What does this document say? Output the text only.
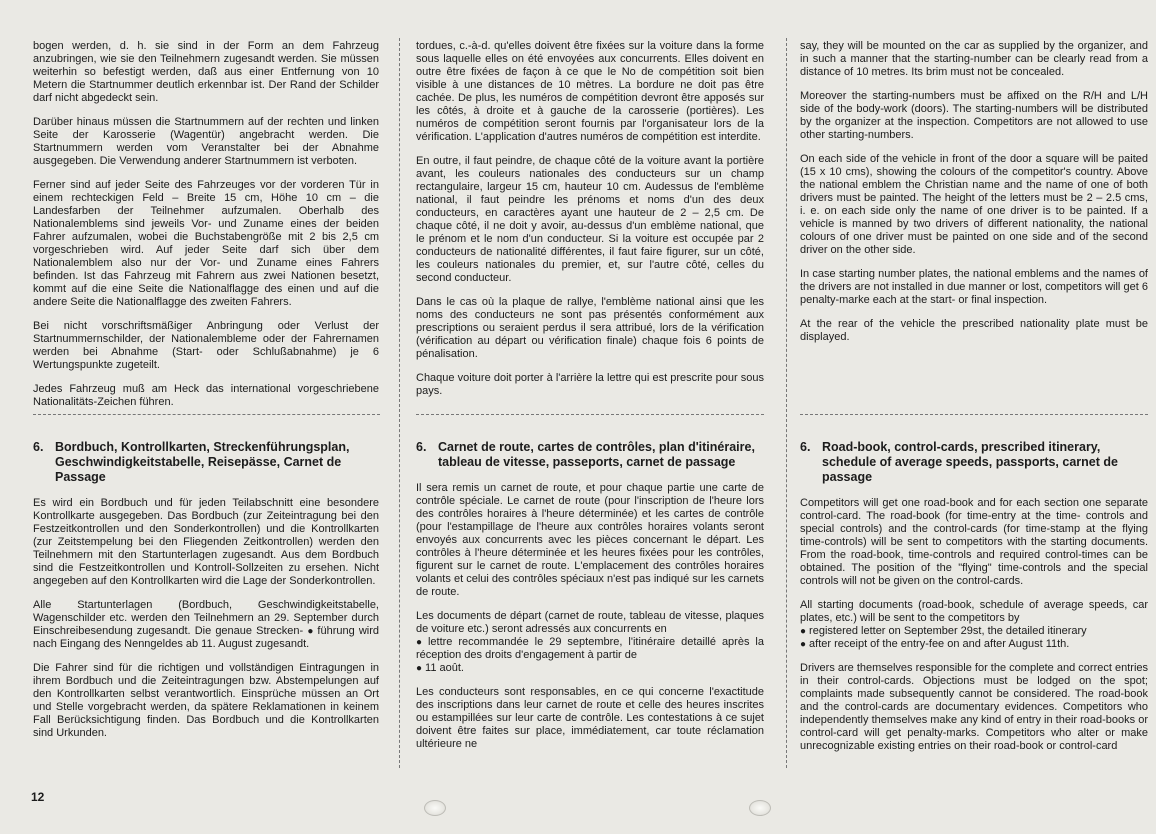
bogen werden, d. h. sie sind in der Form an dem Fahrzeug anzubringen, wie sie den Teilnehmern zugesandt werden. Sie müssen weiterhin so befestigt werden, daß aus einer Entfernung von 10 Metern die Startnummer deutlich erkennbar ist. Der Rand der Schilder darf nicht abgedeckt sein.

Darüber hinaus müssen die Startnummern auf der rechten und linken Seite der Karosserie (Wagentür) angebracht werden. Die Startnummern werden vom Veranstalter bei der Abnahme ausgegeben. Die Verwendung anderer Startnummern ist verboten.

Ferner sind auf jeder Seite des Fahrzeuges vor der vorderen Tür in einem rechteckigen Feld – Breite 15 cm, Höhe 10 cm – die Landesfarben der Teilnehmer aufzumalen. Oberhalb des Nationalemblems sind jeweils Vor- und Zuname eines der beiden Fahrer aufzumalen, wobei die Buchstabengröße mit 2 bis 2,5 cm vorgeschrieben wird. Auf jeder Seite darf sich über dem Nationalemblem also nur der Vor- und Zuname eines Fahrers befinden. Ist das Fahrzeug mit Fahrern aus zwei Nationen besetzt, kommt auf die eine Seite die Nationalflagge des einen und auf die andere Seite die Nationalflagge des zweiten Fahrers.

Bei nicht vorschriftsmäßiger Anbringung oder Verlust der Startnummernschilder, der Nationalembleme oder der Fahrernamen werden bei Abnahme (Start- oder Schlußabnahme) je 6 Wertungspunkte zugeteilt.

Jedes Fahrzeug muß am Heck das international vorgeschriebene Nationalitäts-Zeichen führen.

6. Bordbuch, Kontrollkarten, Streckenführungsplan, Geschwindigkeitstabelle, Reisepässe, Carnet de Passage

Es wird ein Bordbuch und für jeden Teilabschnitt eine besondere Kontrollkarte ausgegeben. Das Bordbuch (zur Zeiteintragung bei den Festzeitkontrollen und den Sonderkontrollen) und die Kontrollkarten (zur Zeitstempelung bei den Fliegenden Zeitkontrollen) werden den Teilnehmern mit den Startunterlagen zugesandt. Aus dem Bordbuch sind die Festzeitkontrollen und Kontroll-Sollzeiten zu ersehen. Nicht angegeben auf den Kontrollkarten wird die Lage der Sonderkontrollen.

Alle Startunterlagen (Bordbuch, Geschwindigkeitstabelle, Wagenschilder etc. werden den Teilnehmern an 29. September durch Einschreibesendung zugesandt. Die genaue Strecken- ● führung wird nach Eingang des Nenngeldes ab 11. August zugesandt.

Die Fahrer sind für die richtigen und vollständigen Eintragungen in ihrem Bordbuch und die Zeiteintragungen bzw. Abstempelungen auf den Kontrollkarten selbst verantwortlich. Einsprüche müssen an Ort und Stelle vorgebracht werden, da spätere Reklamationen in keinem Fall Berücksichtigung finden. Das Bordbuch und die Kontrollkarten sind Urkunden.

tordues, c.-à-d. qu'elles doivent être fixées sur la voiture dans la forme sous laquelle elles on été envoyées aux concurrents. Elles doivent en outre être fixées de façon à ce que le No de compétition soit bien visible à une distances de 10 mètres. La bordure ne doit pas être cachée. De plus, les numéros de compétition devront être apposés sur les côtés, à droite et à gauche de la carosserie (portières). Les numéros de compétition seront fournis par l'organisateur lors de la vérification. L'application d'autres numéros de compétition est interdite.

En outre, il faut peindre, de chaque côté de la voiture avant la portière avant, les couleurs nationales des conducteurs sur un champ rectangulaire, largeur 15 cm, hauteur 10 cm. Audessus de l'emblème national, il faut peindre les prénoms et noms d'un des deux conducteurs, en caractères ayant une hauteur de 2 – 2,5 cm. De chaque côté, il ne doit y avoir, au-dessus d'un emblème national, que le prénom et le nom d'un conducteur. Si la voiture est occupée par 2 conducteurs de nationalité différentes, il faut faire figurer, sur un côté, les couleurs nationales du premier, et, sur l'autre côté, celles du second conducteur.

Dans le cas où la plaque de rallye, l'emblème national ainsi que les noms des conducteurs ne sont pas présentés conformément aux prescriptions ou seraient perdus il sera attribué, lors de la vérification (vérification au départ ou vérification finale) chaque fois 6 points de pénalisation.

Chaque voiture doit porter à l'arrière la lettre qui est prescrite pour sous pays.

6. Carnet de route, cartes de contrôles, plan d'itinéraire, tableau de vitesse, passeports, carnet de passage

Il sera remis un carnet de route, et pour chaque partie une carte de contrôle spéciale. Le carnet de route (pour l'inscription de l'heure lors des contrôles horaires à l'heure déterminée) et les cartes de contrôle (pour l'estampillage de l'heure aux contrôles horaires volants seront envoyés aux concurrents avec les pièces concernant le départ. Les contrôles à l'heure déterminée et les heures fixées pour les contrôles, figurent sur le carnet de route. L'emplacement des contrôles horaires volants et celui des contrôles spéciaux n'est pas indiqué sur les carnets de route.

Les documents de départ (carnet de route, tableau de vitesse, plaques de voiture etc.) seront adressés aux concurrents en
● lettre recommandée le 29 septembre, l'itinéraire detaillé après la réception des droits d'engagement à partir de
● 11 août.

Les conducteurs sont responsables, en ce qui concerne l'exactitude des inscriptions dans leur carnet de route et celle des heures inscrites ou estampillées sur leur carte de contrôle. Les contestations à ce sujet doivent être faites sur place, immédiatement, car toute réclamation ultérieure ne

say, they will be mounted on the car as supplied by the organizer, and in such a manner that the starting-number can be clearly read from a distance of 10 metres. Its brim must not be concealed.

Moreover the starting-numbers must be affixed on the R/H and L/H side of the body-work (doors). The starting-numbers will be distributed by the organizer at the inspection. Competitors are not allowed to use other starting-numbers.

On each side of the vehicle in front of the door a square will be paited (15 x 10 cms), showing the colours of the competitor's country. Above the national emblem the Christian name and the name of one of both drivers must be painted. The height of the letters must be 2 – 2.5 cms, i. e. on each side only the name of one driver is to be painted. If a vehicle is manned by two drivers of different nationality, the national colours of one driver must be painted on one side and of the second driver on the other side.

In case starting number plates, the national emblems and the names of the drivers are not installed in due manner or lost, competitors will get 6 penalty-marke each at the start- or final inspection.

At the rear of the vehicle the prescribed nationality plate must be displayed.

6. Road-book, control-cards, prescribed itinerary, schedule of average speeds, passports, carnet de passage

Competitors will get one road-book and for each section one separate control-card. The road-book (for time-entry at the time- controls and special controls) and the control-cards (for time-stamp at the flying time-controls) will be sent to competitors with the starting documents. From the road-book, time-controls and required control-times can be obtained. The position of the "flying" time-controls and the special controls will not be given on the control-cards.

All starting documents (road-book, schedule of average speeds, car plates, etc.) will be sent to the competitors by
● registered letter on September 29st, the detailed itinerary
● after receipt of the entry-fee on and after August 11th.

Drivers are themselves responsible for the complete and correct entries in their control-cards. Objections must be lodged on the spot; complaints made subsequently cannot be considered. The road-book and the control-cards are documentary evidences. Competitors who independently themselves make any kind of entry in their road-books or control-card will get penalty-marks. Competitors who alter or make unrecognizable existing entries on their road-book or control-card

12
